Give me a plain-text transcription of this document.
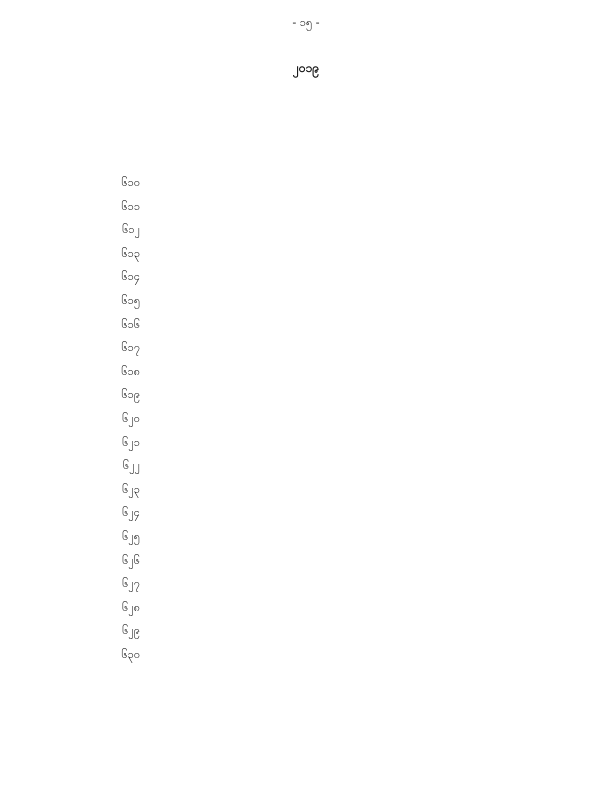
- ၁၅ -
၂၀၁၉
၆၁၀
၆၁၁
၆၁၂
၆၁၃
၆၁၄
၆၁၅
၆၁၆
၆၁၇
၆၁၈
၆၁၉
၆၂၀
၆၂၁
၆၂၂
၆၂၃
၆၂၄
၆၂၅
၆၂၆
၆၂၇
၆၂၈
၆၂၉
၆၃၀
